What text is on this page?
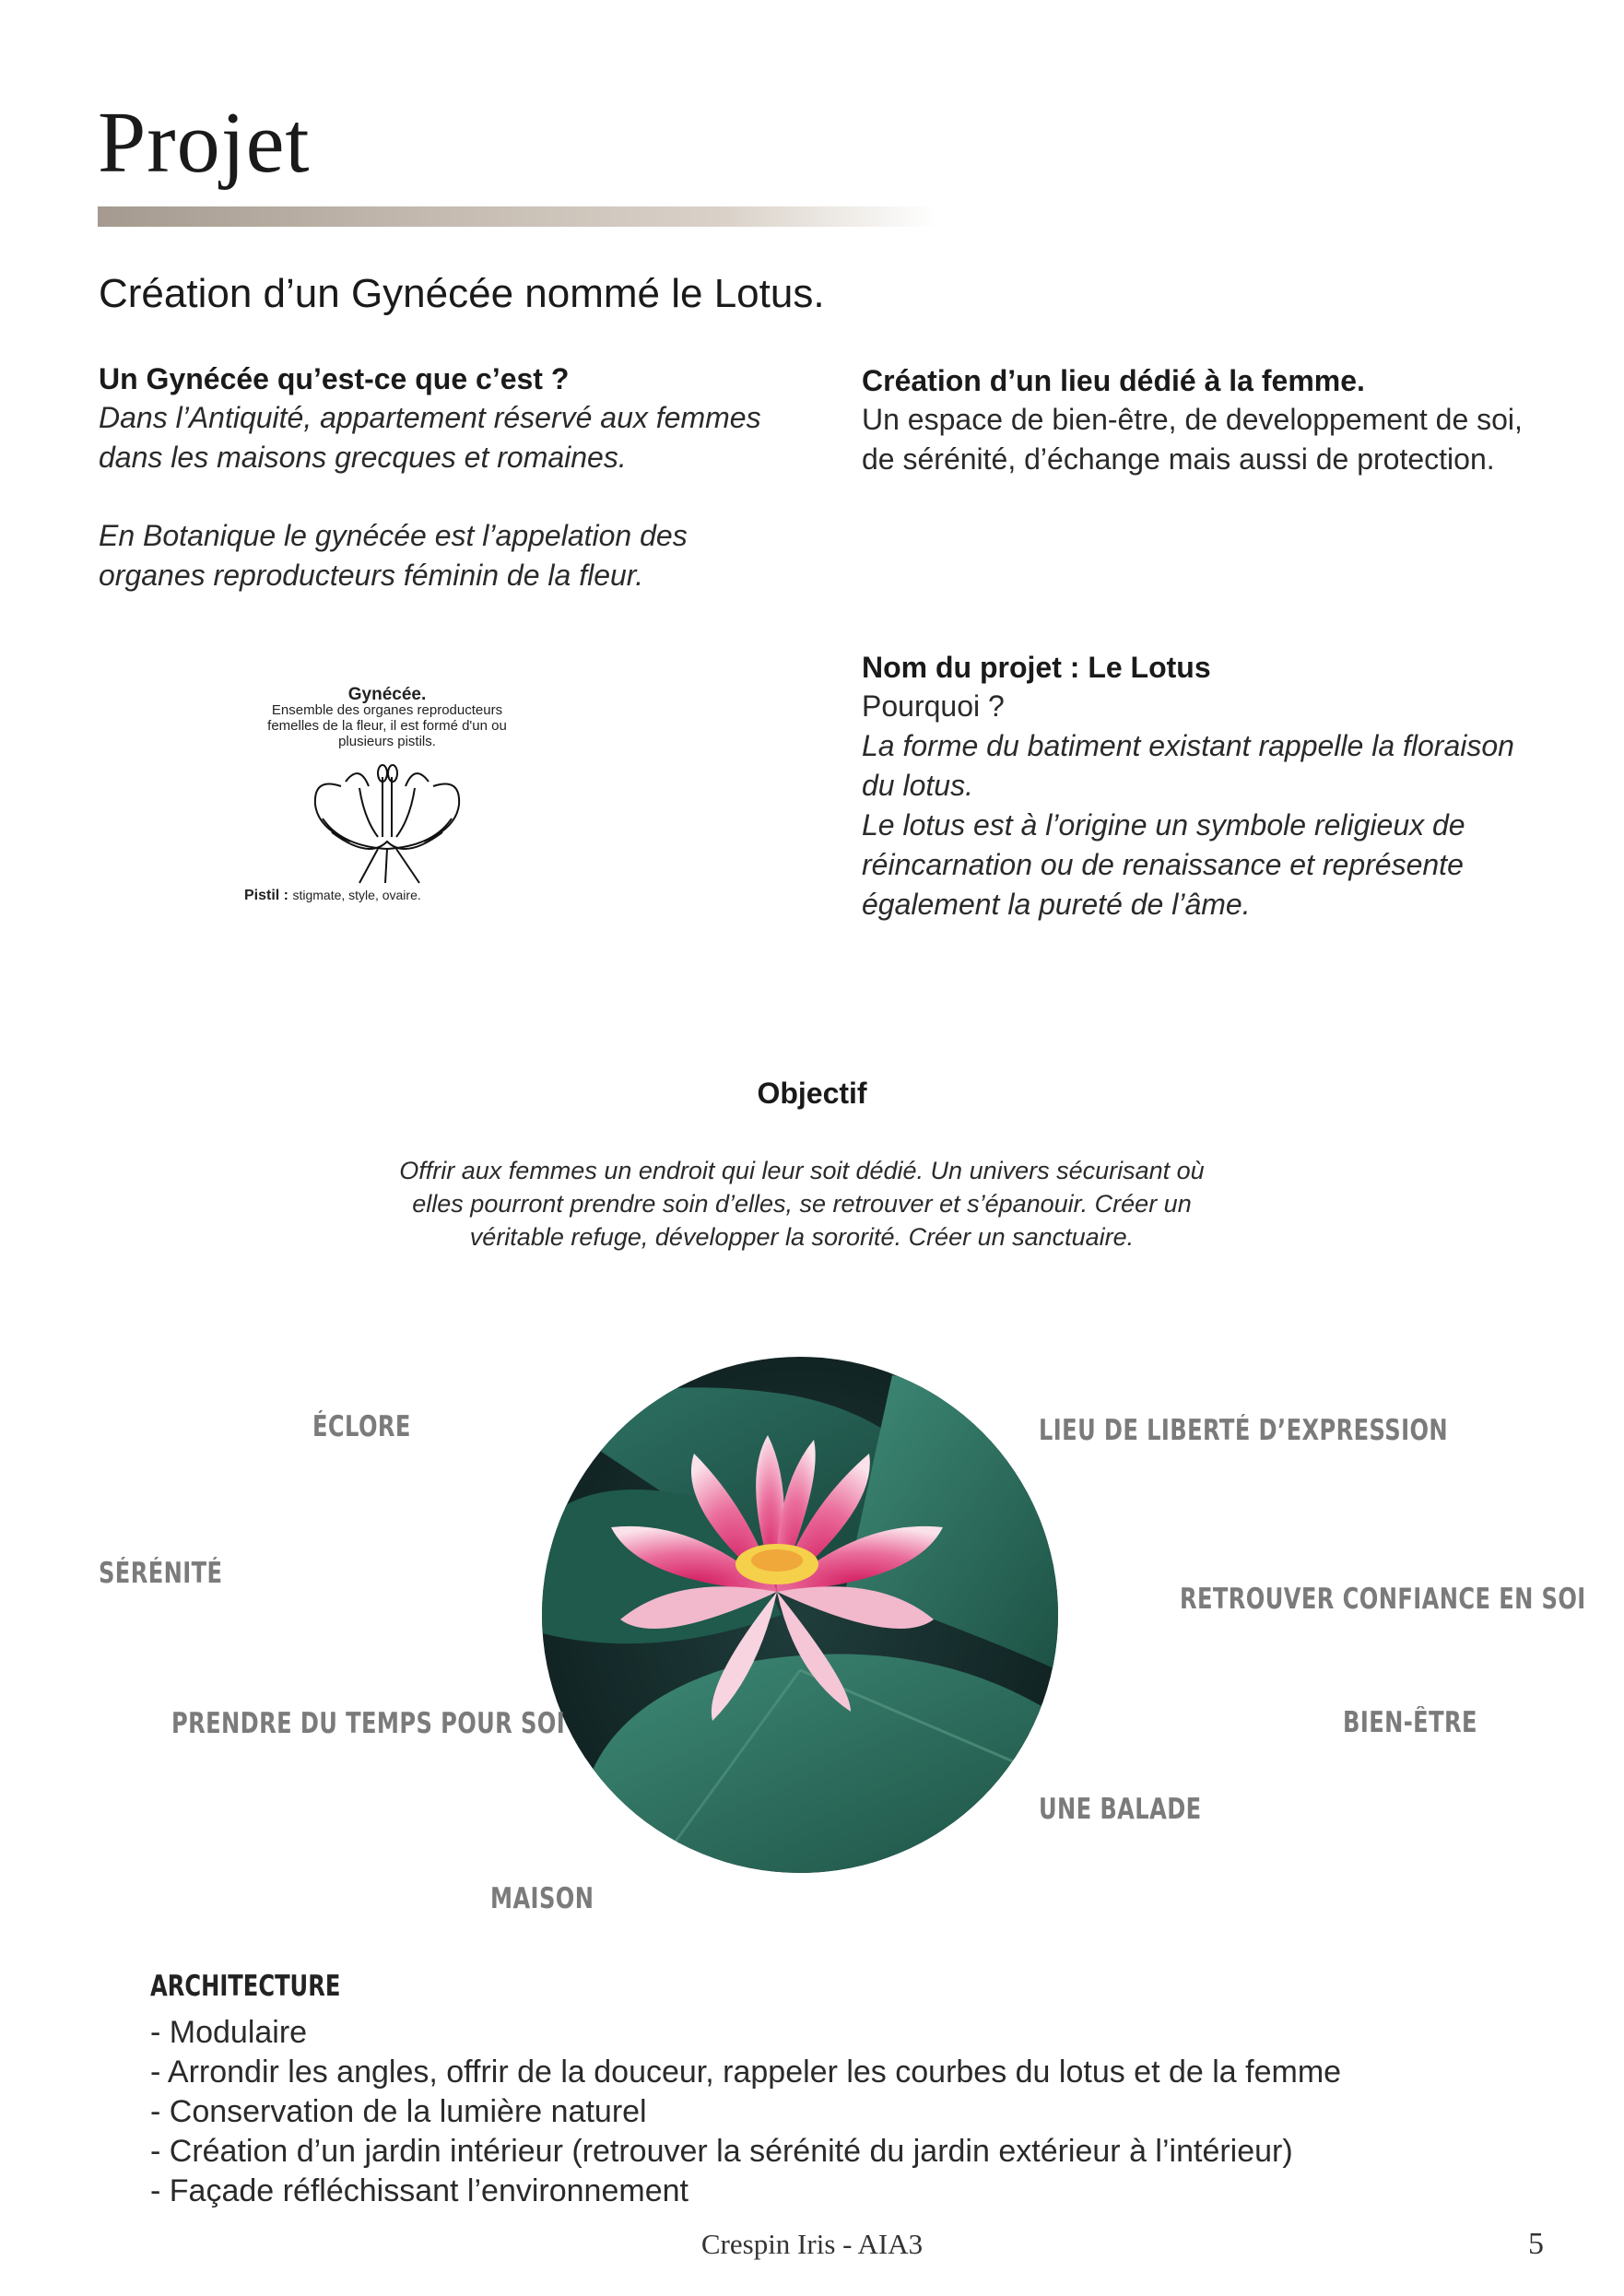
Projet
Création d’un Gynécée nommé le Lotus.
Un Gynécée qu’est-ce que c’est ?
Dans l’Antiquité, appartement réservé aux femmes dans les maisons grecques et romaines.
En Botanique le gynécée est l’appelation des organes reproducteurs féminin de la fleur.
Création d’un lieu dédié à la femme.
Un espace de bien-être, de developpement de soi, de sérénité, d’échange mais aussi de protection.
Nom du projet : Le Lotus
Pourquoi ?
La forme du batiment existant rappelle la floraison du lotus.
Le lotus est à l’origine un symbole religieux de réincarnation ou de renaissance et représente également la pureté de l’âme.
Gynécée.
Ensemble des organes reproducteurs femelles de la fleur, il est formé d'un ou plusieurs pistils.
Pistil : stigmate, style, ovaire.
Objectif
Offrir aux femmes un endroit qui leur soit dédié. Un univers sécurisant où elles pourront prendre soin d’elles, se retrouver et s’épanouir. Créer un véritable refuge, développer la sororité. Créer un sanctuaire.
ÉCLORE
SÉRÉNITÉ
PRENDRE DU TEMPS POUR SOI
MAISON
LIEU DE LIBERTÉ D’EXPRESSION
RETROUVER CONFIANCE EN SOI
BIEN-ÊTRE
UNE BALADE
ARCHITECTURE
- Modulaire
- Arrondir les angles, offrir de la douceur, rappeler les courbes du lotus et de la femme
- Conservation de la lumière naturel
- Création d’un jardin intérieur (retrouver la sérénité du jardin extérieur à l’intérieur)
- Façade réfléchissant l’environnement
Crespin Iris - AIA3	5
